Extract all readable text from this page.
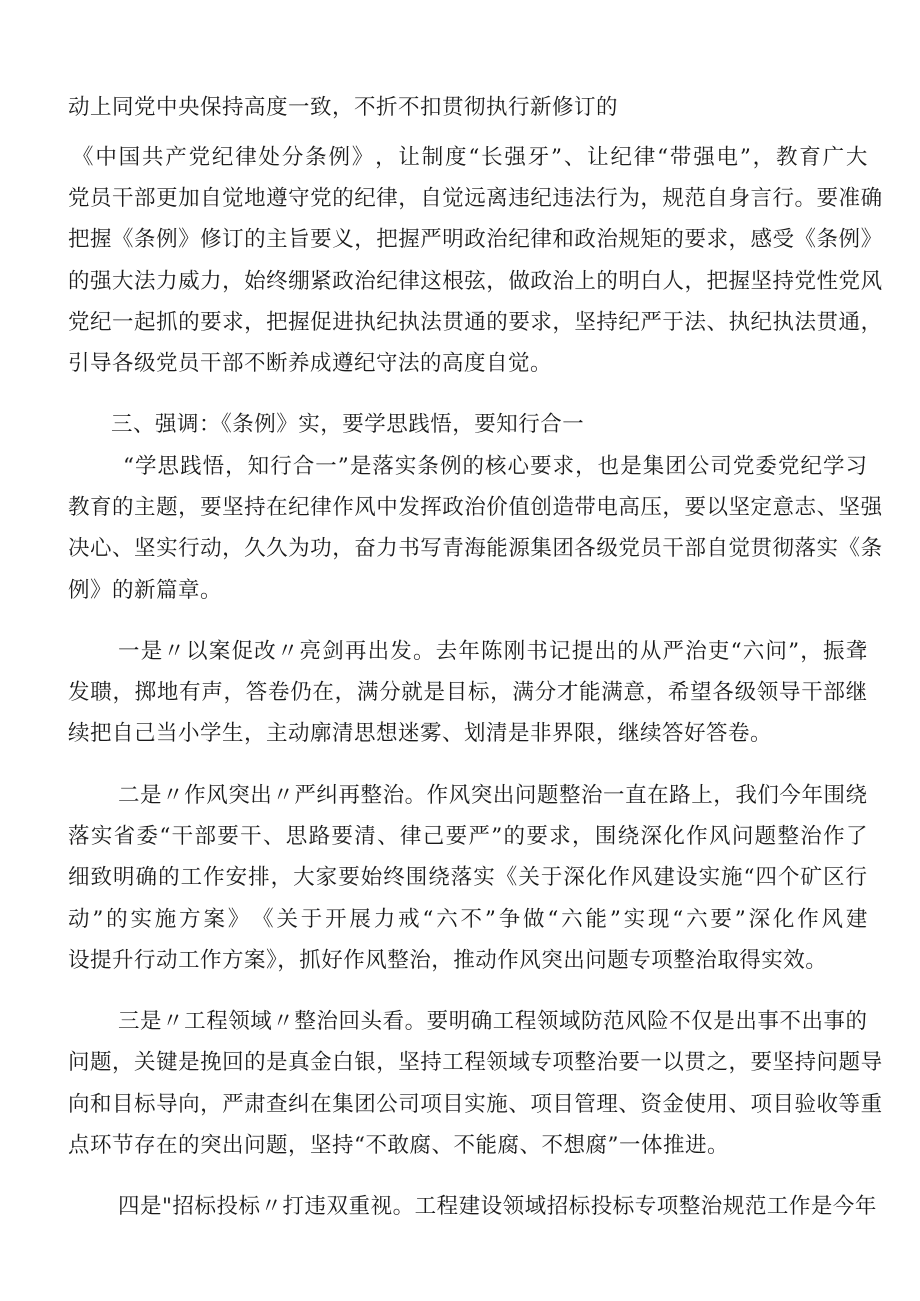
动上同党中央保持高度一致，不折不扣贯彻执行新修订的
《 中 国 共 产 党 纪 律 处 分 条 例 》 ， 让 制 度 “ 长 强 牙 ” 、 让 纪 律 “ 带 强 电 ” ， 教 育 广 大
党 员 干 部 更 加 自 觉 地 遵 守 党 的 纪 律 ， 自 觉 远 离 违 纪 违 法 行 为 ， 规 范 自 身 言 行 。 要 准 确
把 握 《 条 例 》 修 订 的 主 旨 要 义 ， 把 握 严 明 政 治 纪 律 和 政 治 规 矩 的 要 求 ， 感 受 《 条 例 》
的 强 大 法 力 威 力 ， 始 终 绷 紧 政 治 纪 律 这 根 弦 ， 做 政 治 上 的 明 白 人 ， 把 握 坚 持 党 性 党 风
党 纪 一 起 抓 的 要 求 ， 把 握 促 进 执 纪 执 法 贯 通 的 要 求 ， 坚 持 纪 严 于 法 、 执 纪 执 法 贯 通 ，
引导各级党员干部不断养成遵纪守法的高度自觉。
三、强调：《条例》实，要学思践悟，要知行合一
“ 学 思 践 悟 ， 知 行 合 一 ” 是 落 实 条 例 的 核 心 要 求 ， 也 是 集 团 公 司 党 委 党 纪 学 习
教 育 的 主 题 ， 要 坚 持 在 纪 律 作 风 中 发 挥 政 治 价 值 创 造 带 电 高 压 ， 要 以 坚 定 意 志 、 坚 强
决 心 、 坚 实 行 动 ， 久 久 为 功 ， 奋 力 书 写 青 海 能 源 集 团 各 级 党 员 干 部 自 觉 贯 彻 落 实 《 条
例》的新篇章。
一 是 〃 以 案 促 改 〃 亮 剑 再 出 发 。 去 年 陈 刚 书 记 提 出 的 从 严 治 吏 “ 六 问 ” ， 振 聋
发 聩 ， 掷 地 有 声 ， 答 卷 仍 在 ， 满 分 就 是 目 标 ， 满 分 才 能 满 意 ， 希 望 各 级 领 导 干 部 继
续把自己当小学生，主动廓清思想迷雾、划清是非界限，继续答好答卷。
二 是 〃 作 风 突 出 〃 严 纠 再 整 治 。 作 风 突 出 问 题 整 治 一 直 在 路 上 ， 我 们 今 年 围 绕
落 实 省 委 “ 干 部 要 干 、 思 路 要 清 、 律 己 要 严 ” 的 要 求 ， 围 绕 深 化 作 风 问 题 整 治 作 了
细 致 明 确 的 工 作 安 排 ， 大 家 要 始 终 围 绕 落 实 《 关 于 深 化 作 风 建 设 实 施 “ 四 个 矿 区 行
动 ” 的 实 施 方 案 》 《 关 于 开 展 力 戒 “ 六 不 ” 争 做 “ 六 能 ” 实 现 “ 六 要 ” 深 化 作 风 建
设提升行动工作方案》，抓好作风整治，推动作风突出问题专项整治取得实效。
三 是 〃 工 程 领 域 〃 整 治 回 头 看 。 要 明 确 工 程 领 域 防 范 风 险 不 仅 是 出 事 不 出 事 的
问 题 ， 关 键 是 挽 回 的 是 真 金 白 银 ， 坚 持 工 程 领 域 专 项 整 治 要 一 以 贯 之 ， 要 坚 持 问 题 导
向 和 目 标 导 向 ， 严 肃 查 纠 在 集 团 公 司 项 目 实 施 、 项 目 管 理 、 资 金 使 用 、 项 目 验 收 等 重
点环节存在的突出问题，坚持“不敢腐、不能腐、不想腐”一体推进。
四 是 " 招 标 投 标 〃 打 违 双 重 视 。 工 程 建 设 领 域 招 标 投 标 专 项 整 治 规 范 工 作 是 今 年
